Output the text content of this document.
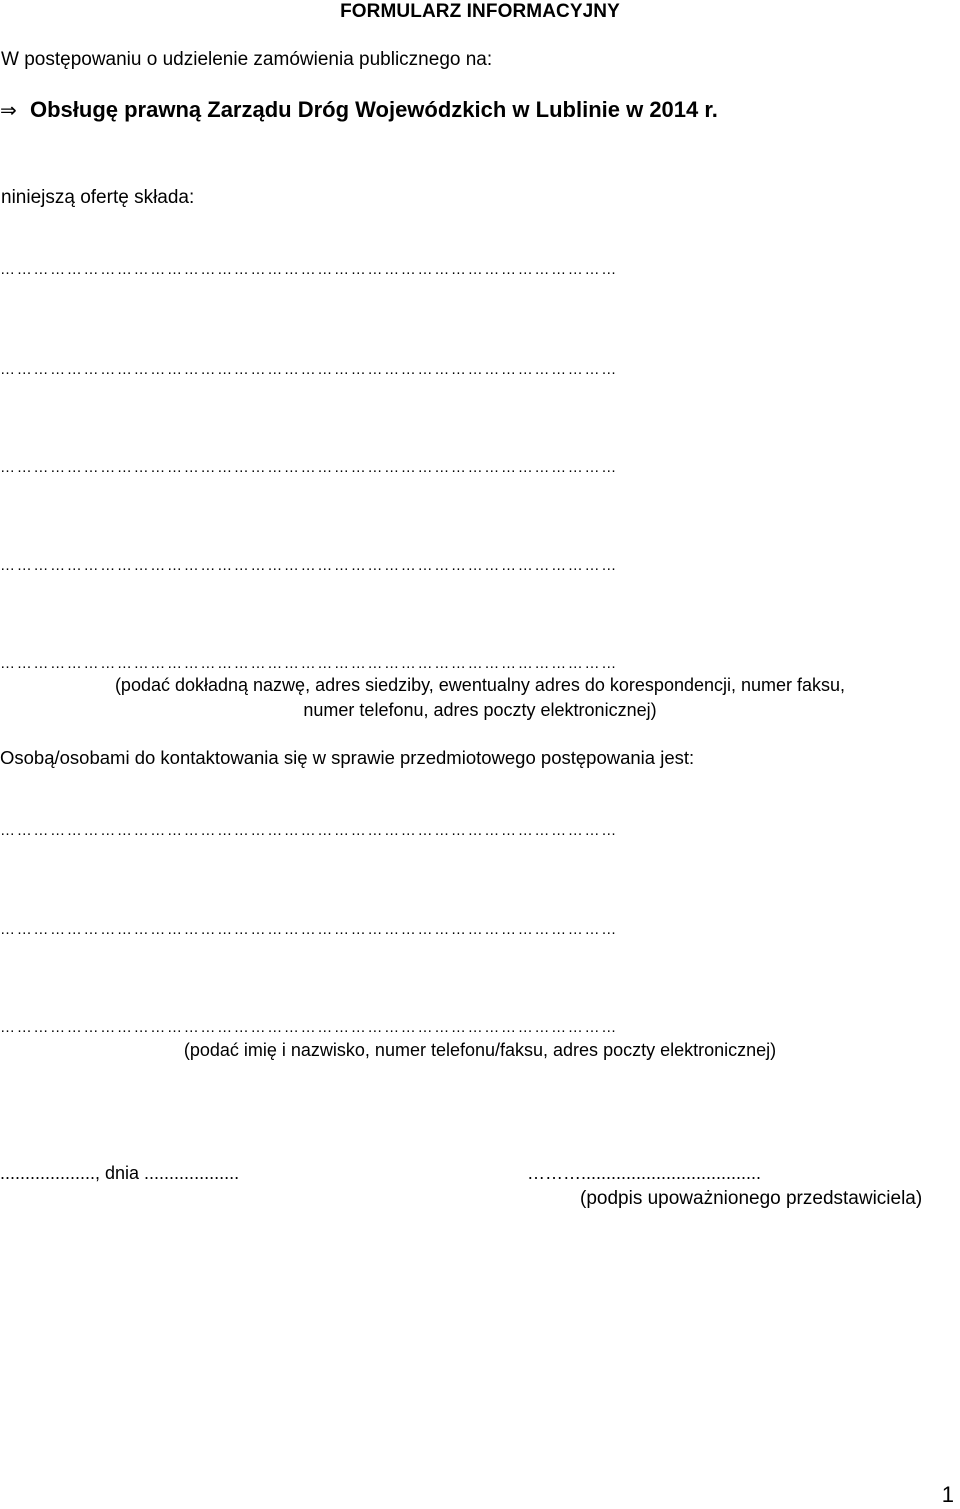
FORMULARZ INFORMACYJNY
W postępowaniu o udzielenie zamówienia publicznego na:
⇒ Obsługę prawną Zarządu Dróg Wojewódzkich w Lublinie w 2014 r.
niniejszą ofertę składa:
…………………………………………………………………………………………………
…………………………………………………………………………………………………
…………………………………………………………………………………………………
…………………………………………………………………………………………………
…………………………………………………………………………………………………
(podać dokładną nazwę, adres siedziby, ewentualny adres do korespondencji, numer faksu,
numer telefonu, adres poczty elektronicznej)
Osobą/osobami do kontaktowania się w sprawie przedmiotowego postępowania jest:
…………………………………………………………………………………………………
…………………………………………………………………………………………………
…………………………………………………………………………………………………
(podać imię i nazwisko, numer telefonu/faksu, adres poczty elektronicznej)
..................., dnia ...................	………....................................
(podpis upoważnionego przedstawiciela)
1
